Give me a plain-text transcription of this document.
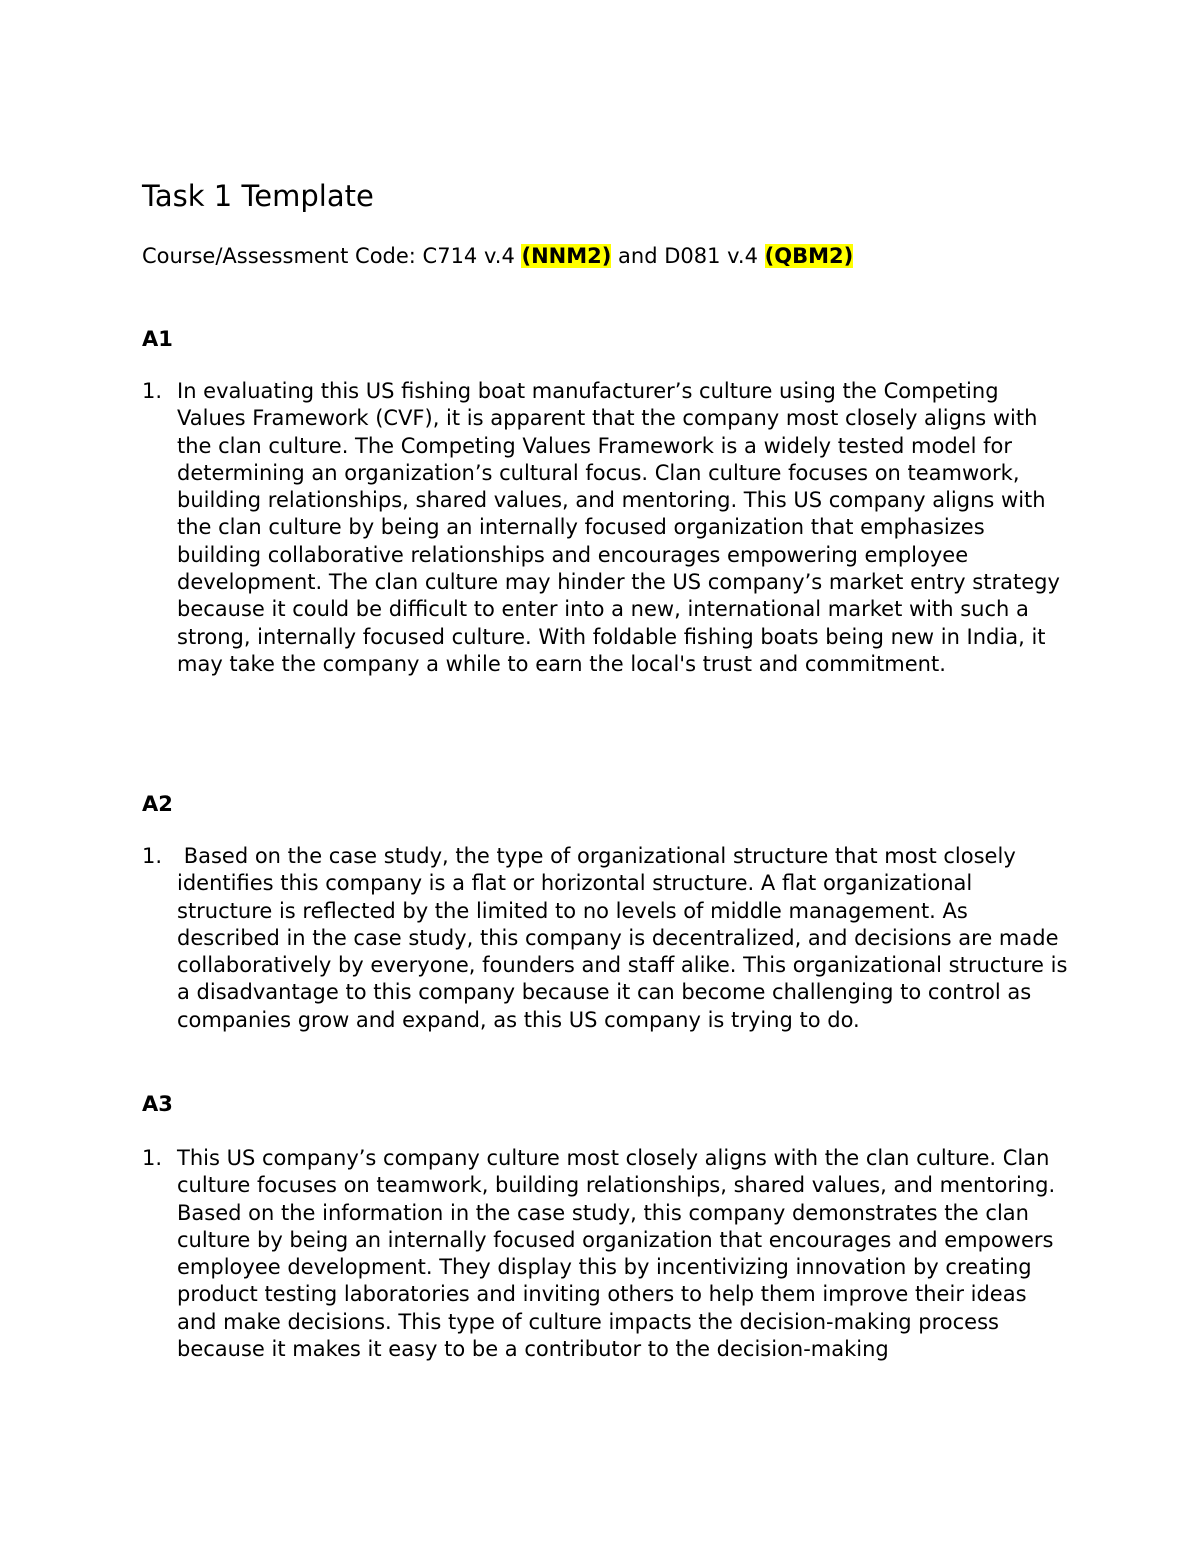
Task 1 Template

Course/Assessment Code: C714 v.4 (NNM2) and D081 v.4 (QBM2)

A1
1. In evaluating this US fishing boat manufacturer’s culture using the Competing Values Framework (CVF), it is apparent that the company most closely aligns with the clan culture. The Competing Values Framework is a widely tested model for determining an organization’s cultural focus. Clan culture focuses on teamwork, building relationships, shared values, and mentoring. This US company aligns with the clan culture by being an internally focused organization that emphasizes building collaborative relationships and encourages empowering employee development. The clan culture may hinder the US company’s market entry strategy because it could be difficult to enter into a new, international market with such a strong, internally focused culture. With foldable fishing boats being new in India, it may take the company a while to earn the local's trust and commitment.
A2
1. Based on the case study, the type of organizational structure that most closely identifies this company is a flat or horizontal structure. A flat organizational structure is reflected by the limited to no levels of middle management. As described in the case study, this company is decentralized, and decisions are made collaboratively by everyone, founders and staff alike. This organizational structure is a disadvantage to this company because it can become challenging to control as companies grow and expand, as this US company is trying to do.
A3
1. This US company’s company culture most closely aligns with the clan culture. Clan culture focuses on teamwork, building relationships, shared values, and mentoring. Based on the information in the case study, this company demonstrates the clan culture by being an internally focused organization that encourages and empowers employee development. They display this by incentivizing innovation by creating product testing laboratories and inviting others to help them improve their ideas and make decisions. This type of culture impacts the decision-making process because it makes it easy to be a contributor to the decision-making
